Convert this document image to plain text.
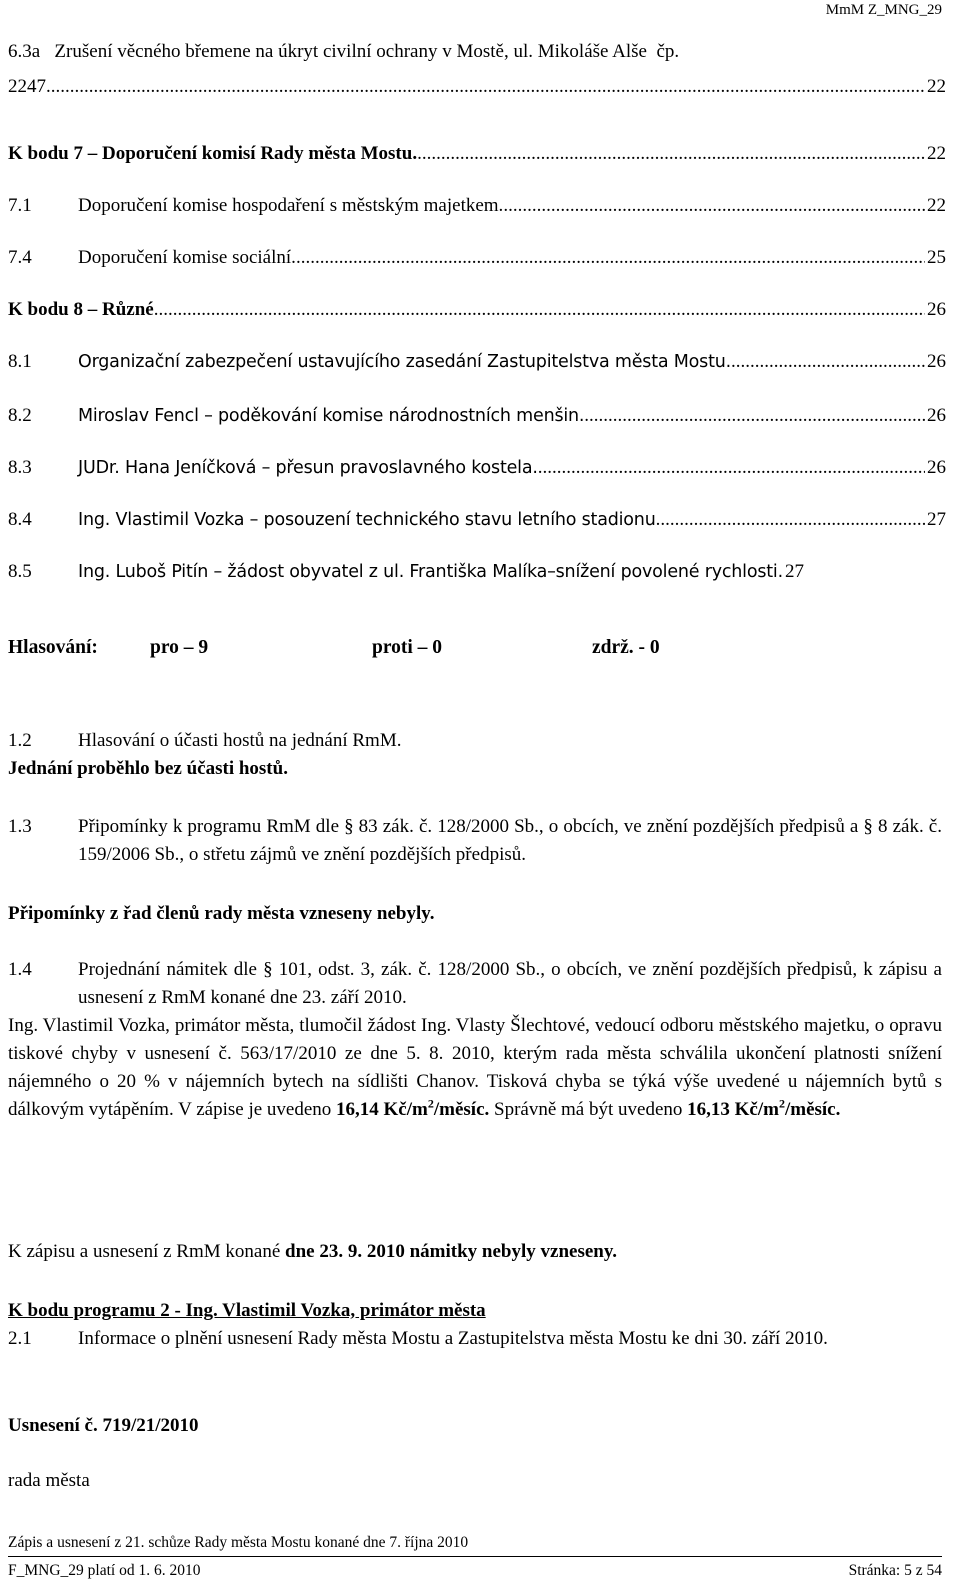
MmM Z_MNG_29
6.3a   Zrušení věcného břemene na úkryt civilní ochrany v Mostě, ul. Mikoláše Alše  čp.
2247 .....	22
K bodu 7 – Doporučení komisí Rady města Mostu. .....	22
7.1	Doporučení komise hospodaření s městským majetkem. .....	22
7.4	Doporučení komise sociální. .....	25
K bodu 8 – Různé .....	26
8.1	Organizační zabezpečení ustavujícího zasedání Zastupitelstva města Mostu. .....	26
8.2	Miroslav Fencl – poděkování komise národnostních menšin. .....	26
8.3	JUDr. Hana Jeníčková – přesun pravoslavného kostela. .....	26
8.4	Ing. Vlastimil Vozka – posouzení technického stavu letního stadionu .....	27
8.5	Ing. Luboš Pitín – žádost obyvatel z ul. Františka Malíka–snížení povolené rychlosti. 27
Hlasování:	pro – 9	proti – 0	zdrž. - 0
1.2	Hlasování o účasti hostů na jednání RmM.
Jednání proběhlo bez účasti hostů.
1.3	Připomínky k programu RmM dle § 83 zák. č. 128/2000 Sb., o obcích, ve znění pozdějších předpisů a § 8 zák. č. 159/2006 Sb., o střetu zájmů ve znění pozdějších předpisů.
Připomínky z řad členů rady města vzneseny nebyly.
1.4	Projednání námitek dle § 101, odst. 3, zák. č. 128/2000 Sb., o obcích, ve znění pozdějších předpisů, k zápisu a usnesení z RmM konané dne 23. září 2010.
Ing. Vlastimil Vozka, primátor města, tlumočil žádost Ing. Vlasty Šlechtové, vedoucí odboru městského majetku, o opravu tiskové chyby v usnesení č. 563/17/2010 ze dne 5. 8. 2010, kterým rada města schválila ukončení platnosti snížení nájemného o 20 % v nájemních bytech na sídlišti Chanov. Tisková chyba se týká výše uvedené u nájemních bytů s dálkovým vytápěním. V zápise je uvedeno 16,14 $Kč/m^2$/měsíc. Správně má být uvedeno 16,13 $Kč/m^2$/měsíc.
K zápisu a usnesení z RmM konané dne 23. 9. 2010 námitky nebyly vzneseny.
K bodu programu 2 - Ing. Vlastimil Vozka, primátor města
2.1	Informace o plnění usnesení Rady města Mostu a Zastupitelstva města Mostu ke dni 30. září 2010.
Usnesení č. 719/21/2010
rada města
Zápis a usnesení z 21. schůze Rady města Mostu konané dne 7. října 2010
F_MNG_29 platí od 1. 6. 2010	Stránka: 5 z 54
